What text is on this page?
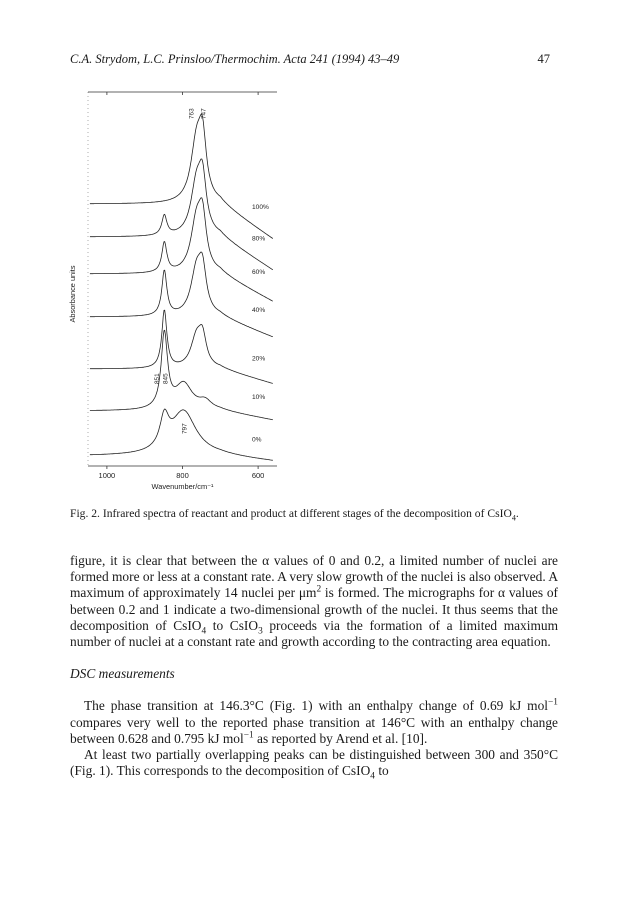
C.A. Strydom, L.C. Prinsloo/Thermochim. Acta 241 (1994) 43–49	47
1000	800	600
Wavenumber/cm⁻¹
Absorbance units
100%
80%
60%
40%
20%
10%
0%
763 747
851 845
797
Fig. 2. Infrared spectra of reactant and product at different stages of the decomposition of CsIO$_4$.

figure, it is clear that between the α values of 0 and 0.2, a limited number of nuclei are formed more or less at a constant rate. A very slow growth of the nuclei is also observed. A maximum of approximately 14 nuclei per $\mu m^2$ is formed. The micrographs for α values of between 0.2 and 1 indicate a two-dimensional growth of the nuclei. It thus seems that the decomposition of CsIO$_4$ to CsIO$_3$ proceeds via the formation of a limited maximum number of nuclei at a constant rate and growth according to the contracting area equation.

DSC measurements

The phase transition at 146.3°C (Fig. 1) with an enthalpy change of 0.69 kJ mol$^{-1}$ compares very well to the reported phase transition at 146°C with an enthalpy change between 0.628 and 0.795 kJ mol$^{-1}$ as reported by Arend et al. [10].

At least two partially overlapping peaks can be distinguished between 300 and 350°C (Fig. 1). This corresponds to the decomposition of CsIO$_4$ to
